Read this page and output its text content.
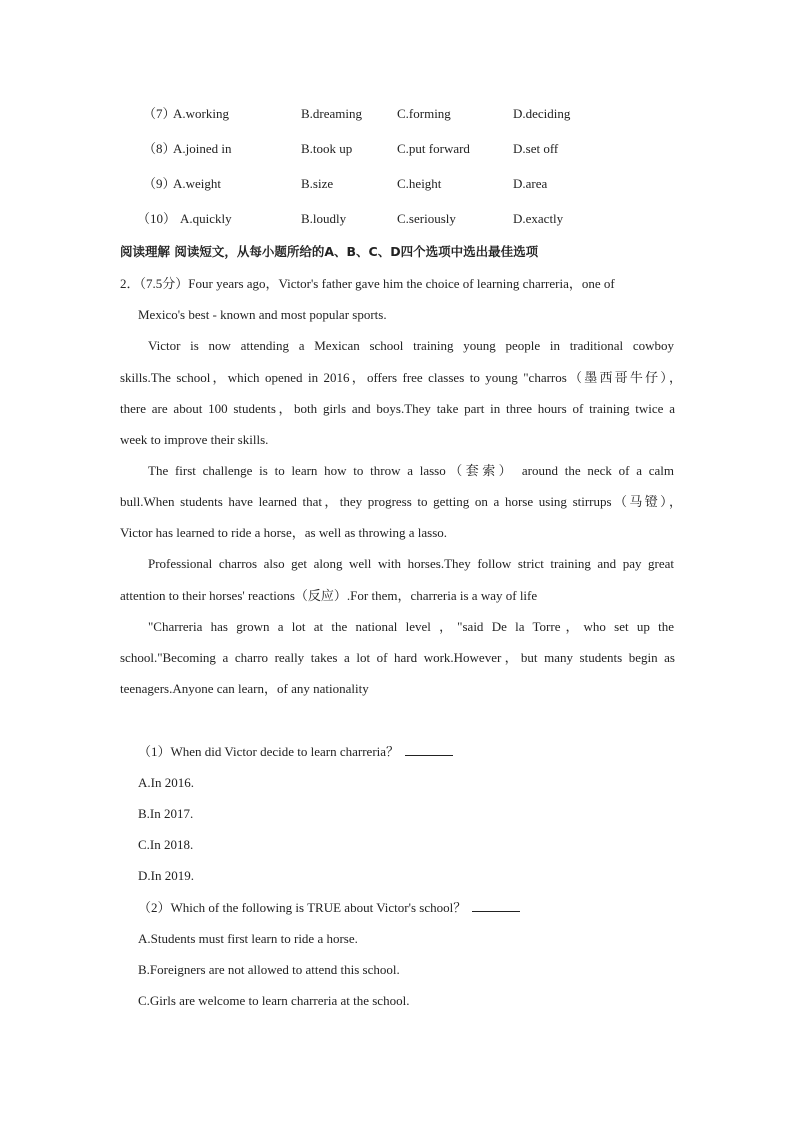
（7）
A.working	B.dreaming	C.forming	D.deciding
（8）
A.joined in	B.took up	C.put forward	D.set off
（9）
A.weight	B.size	C.height	D.area
（10） A.quickly	B.loudly	C.seriously	D.exactly
阅读理解 阅读短文，从每小题所给的A、B、C、D四个选项中选出最佳选项
2．（7.5分）Four years ago，Victor's father gave him the choice of learning charreria，one of
Mexico's best - known and most popular sports.
Victor is now attending a Mexican school training young people in traditional cowboy
skills.The school，which opened in 2016，offers free classes to young "charros（墨西哥牛仔），
there are about 100 students，both girls and boys.They take part in three hours of training twice a
week to improve their skills.
The first challenge is to learn how to throw a lasso（套索） around the neck of a calm
bull.When students have learned that，they progress to getting on a horse using stirrups（马镫），
Victor has learned to ride a horse，as well as throwing a lasso.
Professional charros also get along well with horses.They follow strict training and pay great
attention to their horses' reactions（反应）.For them，charreria is a way of life
"Charreria has grown a lot at the national level ，"said De la Torre，who set up the
school."Becoming a charro really takes a lot of hard work.However，but many students begin as
teenagers.Anyone can learn，of any nationality
（1）When did Victor decide to learn charreria？
A.In 2016.
B.In 2017.
C.In 2018.
D.In 2019.
（2）Which of the following is TRUE about Victor's school？
A.Students must first learn to ride a horse.
B.Foreigners are not allowed to attend this school.
C.Girls are welcome to learn charreria at the school.
